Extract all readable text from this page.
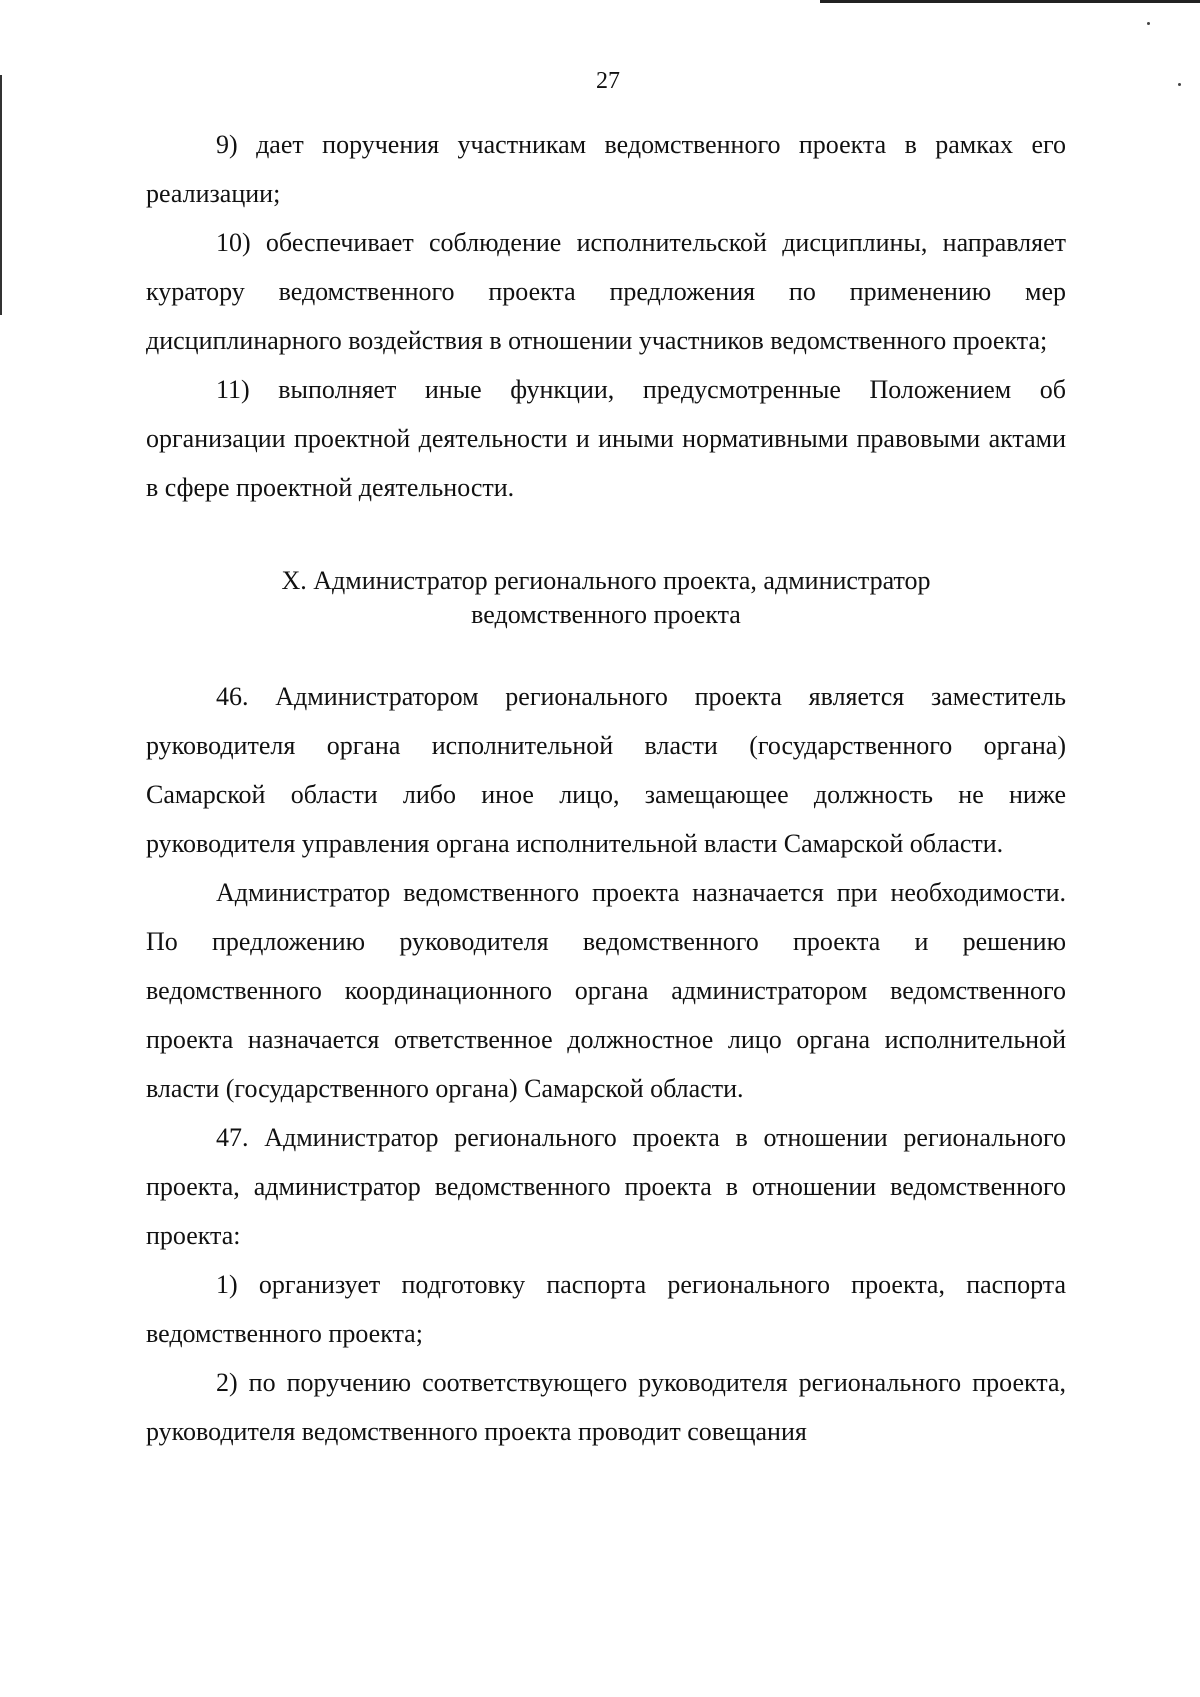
27

9) дает поручения участникам ведомственного проекта в рамках его реализации;

10) обеспечивает соблюдение исполнительской дисциплины, направляет куратору ведомственного проекта предложения по применению мер дисциплинарного воздействия в отношении участников ведомственного проекта;

11) выполняет иные функции, предусмотренные Положением об организации проектной деятельности и иными нормативными правовыми актами в сфере проектной деятельности.

X. Администратор регионального проекта, администратор
ведомственного проекта

46. Администратором регионального проекта является заместитель руководителя органа исполнительной власти (государственного органа) Самарской области либо иное лицо, замещающее должность не ниже руководителя управления органа исполнительной власти Самарской области.

Администратор ведомственного проекта назначается при необходимости. По предложению руководителя ведомственного проекта и решению ведомственного координационного органа администратором ведомственного проекта назначается ответственное должностное лицо органа исполнительной власти (государственного органа) Самарской области.

47. Администратор регионального проекта в отношении регионального проекта, администратор ведомственного проекта в отношении ведомственного проекта:

1) организует подготовку паспорта регионального проекта, паспорта ведомственного проекта;

2) по поручению соответствующего руководителя регионального проекта, руководителя ведомственного проекта проводит совещания
